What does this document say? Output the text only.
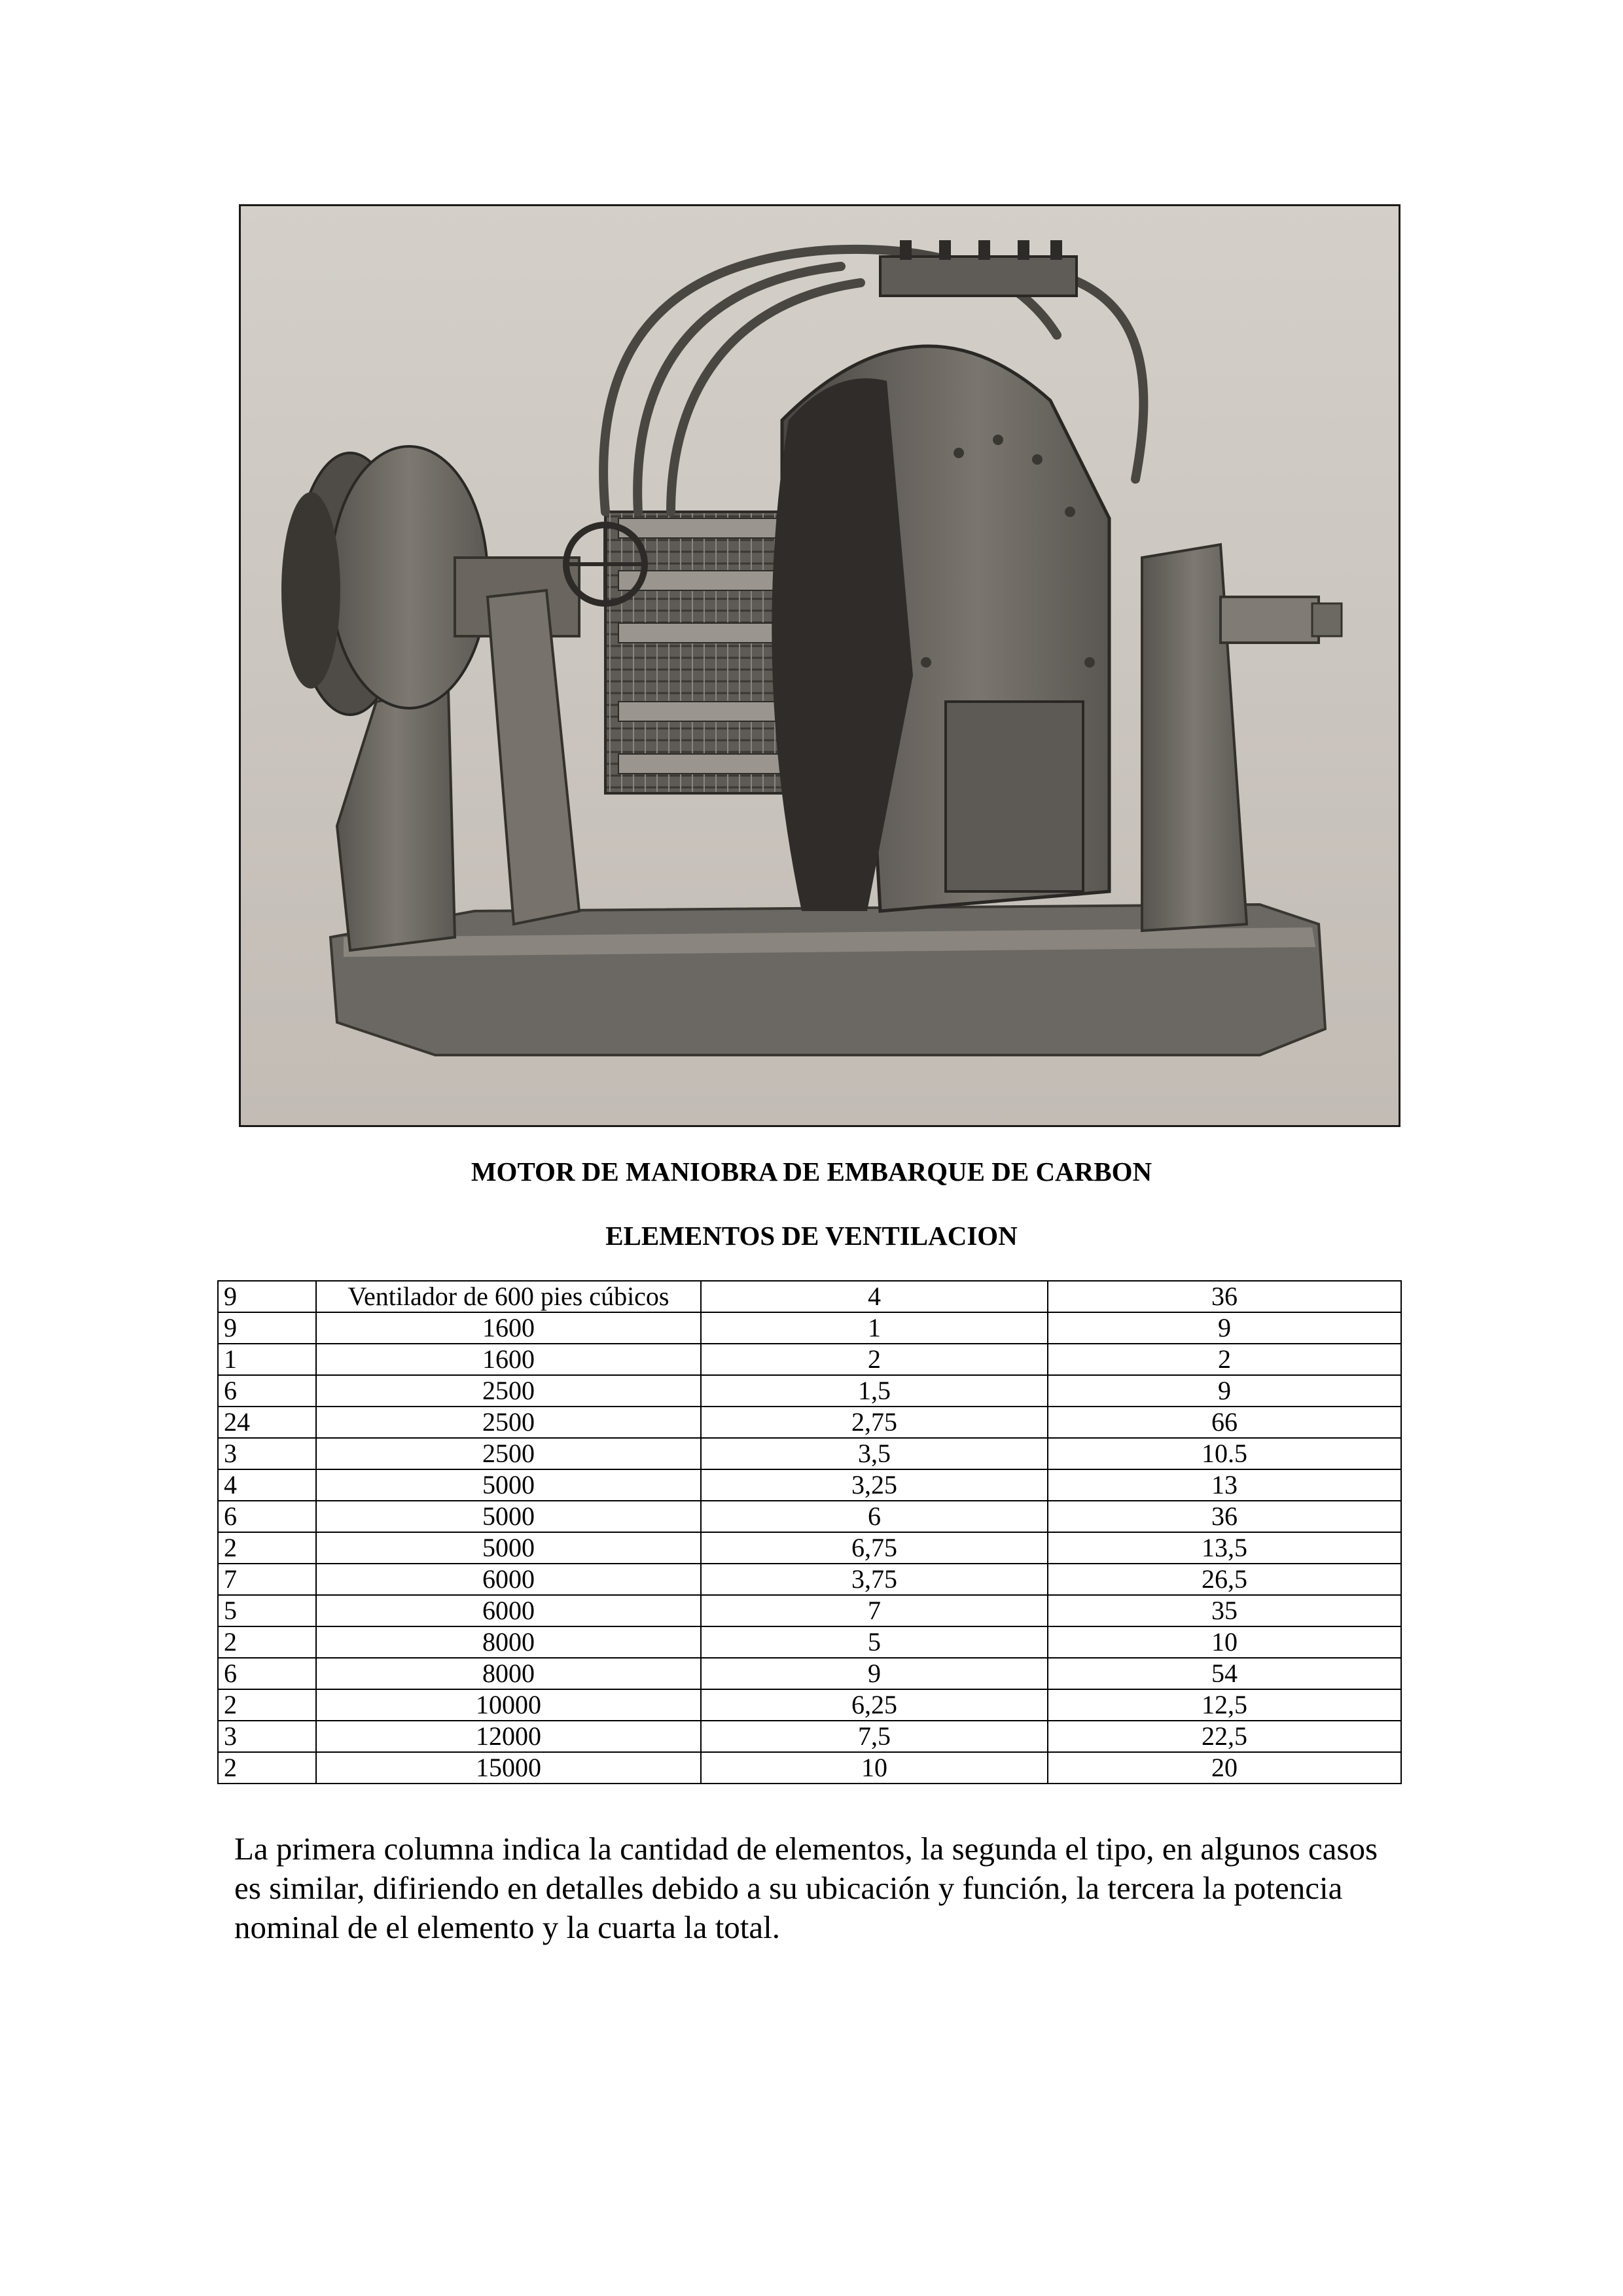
MOTOR DE MANIOBRA DE EMBARQUE DE CARBON
ELEMENTOS DE VENTILACION
9	Ventilador de 600 pies cúbicos	4	36
9	1600	1	9
1	1600	2	2
6	2500	1,5	9
24	2500	2,75	66
3	2500	3,5	10.5
4	5000	3,25	13
6	5000	6	36
2	5000	6,75	13,5
7	6000	3,75	26,5
5	6000	7	35
2	8000	5	10
6	8000	9	54
2	10000	6,25	12,5
3	12000	7,5	22,5
2	15000	10	20

La primera columna indica la cantidad de elementos, la segunda el tipo, en algunos casos es similar, difiriendo en detalles debido a su ubicación y función, la tercera la potencia nominal de el elemento y la cuarta la total.
